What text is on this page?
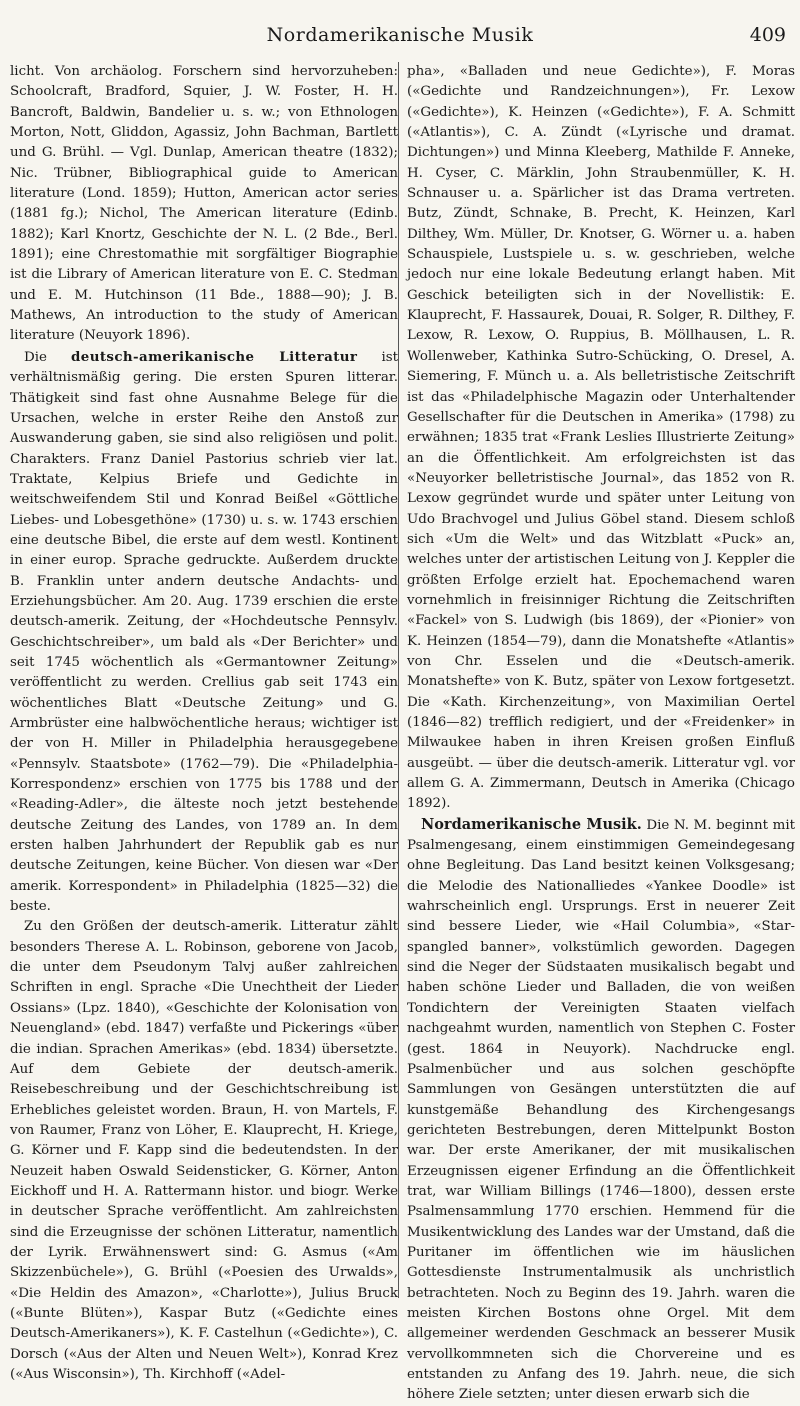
Nordamerikanische Musik	409

licht. Von archäolog. Forschern sind hervorzuheben: Schoolcraft, Bradford, Squier, J. W. Foster, H. H. Bancroft, Baldwin, Bandelier u. s. w.; von Ethnologen Morton, Nott, Gliddon, Agassiz, John Bachman, Bartlett und G. Brühl. — Vgl. Dunlap, American theatre (1832); Nic. Trübner, Bibliographical guide to American literature (Lond. 1859); Hutton, American actor series (1881 fg.); Nichol, The American literature (Edinb. 1882); Karl Knortz, Geschichte der N. L. (2 Bde., Berl. 1891); eine Chrestomathie mit sorgfältiger Biographie ist die Library of American literature von E. C. Stedman und E. M. Hutchinson (11 Bde., 1888—90); J. B. Mathews, An introduction to the study of American literature (Neuyork 1896).

Die deutsch-amerikanische Litteratur ist verhältnismäßig gering. Die ersten Spuren litterar. Thätigkeit sind fast ohne Ausnahme Belege für die Ursachen, welche in erster Reihe den Anstoß zur Auswanderung gaben, sie sind also religiösen und polit. Charakters. Franz Daniel Pastorius schrieb vier lat. Traktate, Kelpius Briefe und Gedichte in weitschweifendem Stil und Konrad Beißel «Göttliche Liebes- und Lobesgethöne» (1730) u. s. w. 1743 erschien eine deutsche Bibel, die erste auf dem westl. Kontinent in einer europ. Sprache gedruckte. Außerdem druckte B. Franklin unter andern deutsche Andachts- und Erziehungsbücher. Am 20. Aug. 1739 erschien die erste deutsch-amerik. Zeitung, der «Hochdeutsche Pennsylv. Geschichtschreiber», um bald als «Der Berichter» und seit 1745 wöchentlich als «Germantowner Zeitung» veröffentlicht zu werden. Crellius gab seit 1743 ein wöchentliches Blatt «Deutsche Zeitung» und G. Armbrüster eine halbwöchentliche heraus; wichtiger ist der von H. Miller in Philadelphia herausgegebene «Pennsylv. Staatsbote» (1762—79). Die «Philadelphia-Korrespondenz» erschien von 1775 bis 1788 und der «Reading-Adler», die älteste noch jetzt bestehende deutsche Zeitung des Landes, von 1789 an. In dem ersten halben Jahrhundert der Republik gab es nur deutsche Zeitungen, keine Bücher. Von diesen war «Der amerik. Korrespondent» in Philadelphia (1825—32) die beste.

Zu den Größen der deutsch-amerik. Litteratur zählt besonders Therese A. L. Robinson, geborene von Jacob, die unter dem Pseudonym Talvj außer zahlreichen Schriften in engl. Sprache «Die Unechtheit der Lieder Ossians» (Lpz. 1840), «Geschichte der Kolonisation von Neuengland» (ebd. 1847) verfaßte und Pickerings «über die indian. Sprachen Amerikas» (ebd. 1834) übersetzte. Auf dem Gebiete der deutsch-amerik. Reisebeschreibung und der Geschichtschreibung ist Erhebliches geleistet worden. Braun, H. von Martels, F. von Raumer, Franz von Löher, E. Klauprecht, H. Kriege, G. Körner und F. Kapp sind die bedeutendsten. In der Neuzeit haben Oswald Seidensticker, G. Körner, Anton Eickhoff und H. A. Rattermann histor. und biogr. Werke in deutscher Sprache veröffentlicht. Am zahlreichsten sind die Erzeugnisse der schönen Litteratur, namentlich der Lyrik. Erwähnenswert sind: G. Asmus («Am Skizzenbüchele»), G. Brühl («Poesien des Urwalds», «Die Heldin des Amazon», «Charlotte»), Julius Bruck («Bunte Blüten»), Kaspar Butz («Gedichte eines Deutsch-Amerikaners»), K. F. Castelhun («Gedichte»), C. Dorsch («Aus der Alten und Neuen Welt»), Konrad Krez («Aus Wisconsin»), Th. Kirchhoff («Adel-

pha», «Balladen und neue Gedichte»), F. Moras («Gedichte und Randzeichnungen»), Fr. Lexow («Gedichte»), K. Heinzen («Gedichte»), F. A. Schmitt («Atlantis»), C. A. Zündt («Lyrische und dramat. Dichtungen») und Minna Kleeberg, Mathilde F. Anneke, H. Cyser, C. Märklin, John Straubenmüller, K. H. Schnauser u. a. Spärlicher ist das Drama vertreten. Butz, Zündt, Schnake, B. Precht, K. Heinzen, Karl Dilthey, Wm. Müller, Dr. Knotser, G. Wörner u. a. haben Schauspiele, Lustspiele u. s. w. geschrieben, welche jedoch nur eine lokale Bedeutung erlangt haben. Mit Geschick beteiligten sich in der Novellistik: E. Klauprecht, F. Hassaurek, Douai, R. Solger, R. Dilthey, F. Lexow, R. Lexow, O. Ruppius, B. Möllhausen, L. R. Wollenweber, Kathinka Sutro-Schücking, O. Dresel, A. Siemering, F. Münch u. a. Als belletristische Zeitschrift ist das «Philadelphische Magazin oder Unterhaltender Gesellschafter für die Deutschen in Amerika» (1798) zu erwähnen; 1835 trat «Frank Leslies Illustrierte Zeitung» an die Öffentlichkeit. Am erfolgreichsten ist das «Neuyorker belletristische Journal», das 1852 von R. Lexow gegründet wurde und später unter Leitung von Udo Brachvogel und Julius Göbel stand. Diesem schloß sich «Um die Welt» und das Witzblatt «Puck» an, welches unter der artistischen Leitung von J. Keppler die größten Erfolge erzielt hat. Epochemachend waren vornehmlich in freisinniger Richtung die Zeitschriften «Fackel» von S. Ludwigh (bis 1869), der «Pionier» von K. Heinzen (1854—79), dann die Monatshefte «Atlantis» von Chr. Esselen und die «Deutsch-amerik. Monatshefte» von K. Butz, später von Lexow fortgesetzt. Die «Kath. Kirchenzeitung», von Maximilian Oertel (1846—82) trefflich redigiert, und der «Freidenker» in Milwaukee haben in ihren Kreisen großen Einfluß ausgeübt. — über die deutsch-amerik. Litteratur vgl. vor allem G. A. Zimmermann, Deutsch in Amerika (Chicago 1892).

Nordamerikanische Musik. Die N. M. beginnt mit Psalmengesang, einem einstimmigen Gemeindegesang ohne Begleitung. Das Land besitzt keinen Volksgesang; die Melodie des Nationalliedes «Yankee Doodle» ist wahrscheinlich engl. Ursprungs. Erst in neuerer Zeit sind bessere Lieder, wie «Hail Columbia», «Star-spangled banner», volkstümlich geworden. Dagegen sind die Neger der Südstaaten musikalisch begabt und haben schöne Lieder und Balladen, die von weißen Tondichtern der Vereinigten Staaten vielfach nachgeahmt wurden, namentlich von Stephen C. Foster (gest. 1864 in Neuyork). Nachdrucke engl. Psalmenbücher und aus solchen geschöpfte Sammlungen von Gesängen unterstützten die auf kunstgemäße Behandlung des Kirchengesangs gerichteten Bestrebungen, deren Mittelpunkt Boston war. Der erste Amerikaner, der mit musikalischen Erzeugnissen eigener Erfindung an die Öffentlichkeit trat, war William Billings (1746—1800), dessen erste Psalmensammlung 1770 erschien. Hemmend für die Musikentwicklung des Landes war der Umstand, daß die Puritaner im öffentlichen wie im häuslichen Gottesdienste Instrumentalmusik als unchristlich betrachteten. Noch zu Beginn des 19. Jahrh. waren die meisten Kirchen Bostons ohne Orgel. Mit dem allgemeiner werdenden Geschmack an besserer Musik vervollkommneten sich die Chorvereine und es entstanden zu Anfang des 19. Jahrh. neue, die sich höhere Ziele setzten; unter diesen erwarb sich die
